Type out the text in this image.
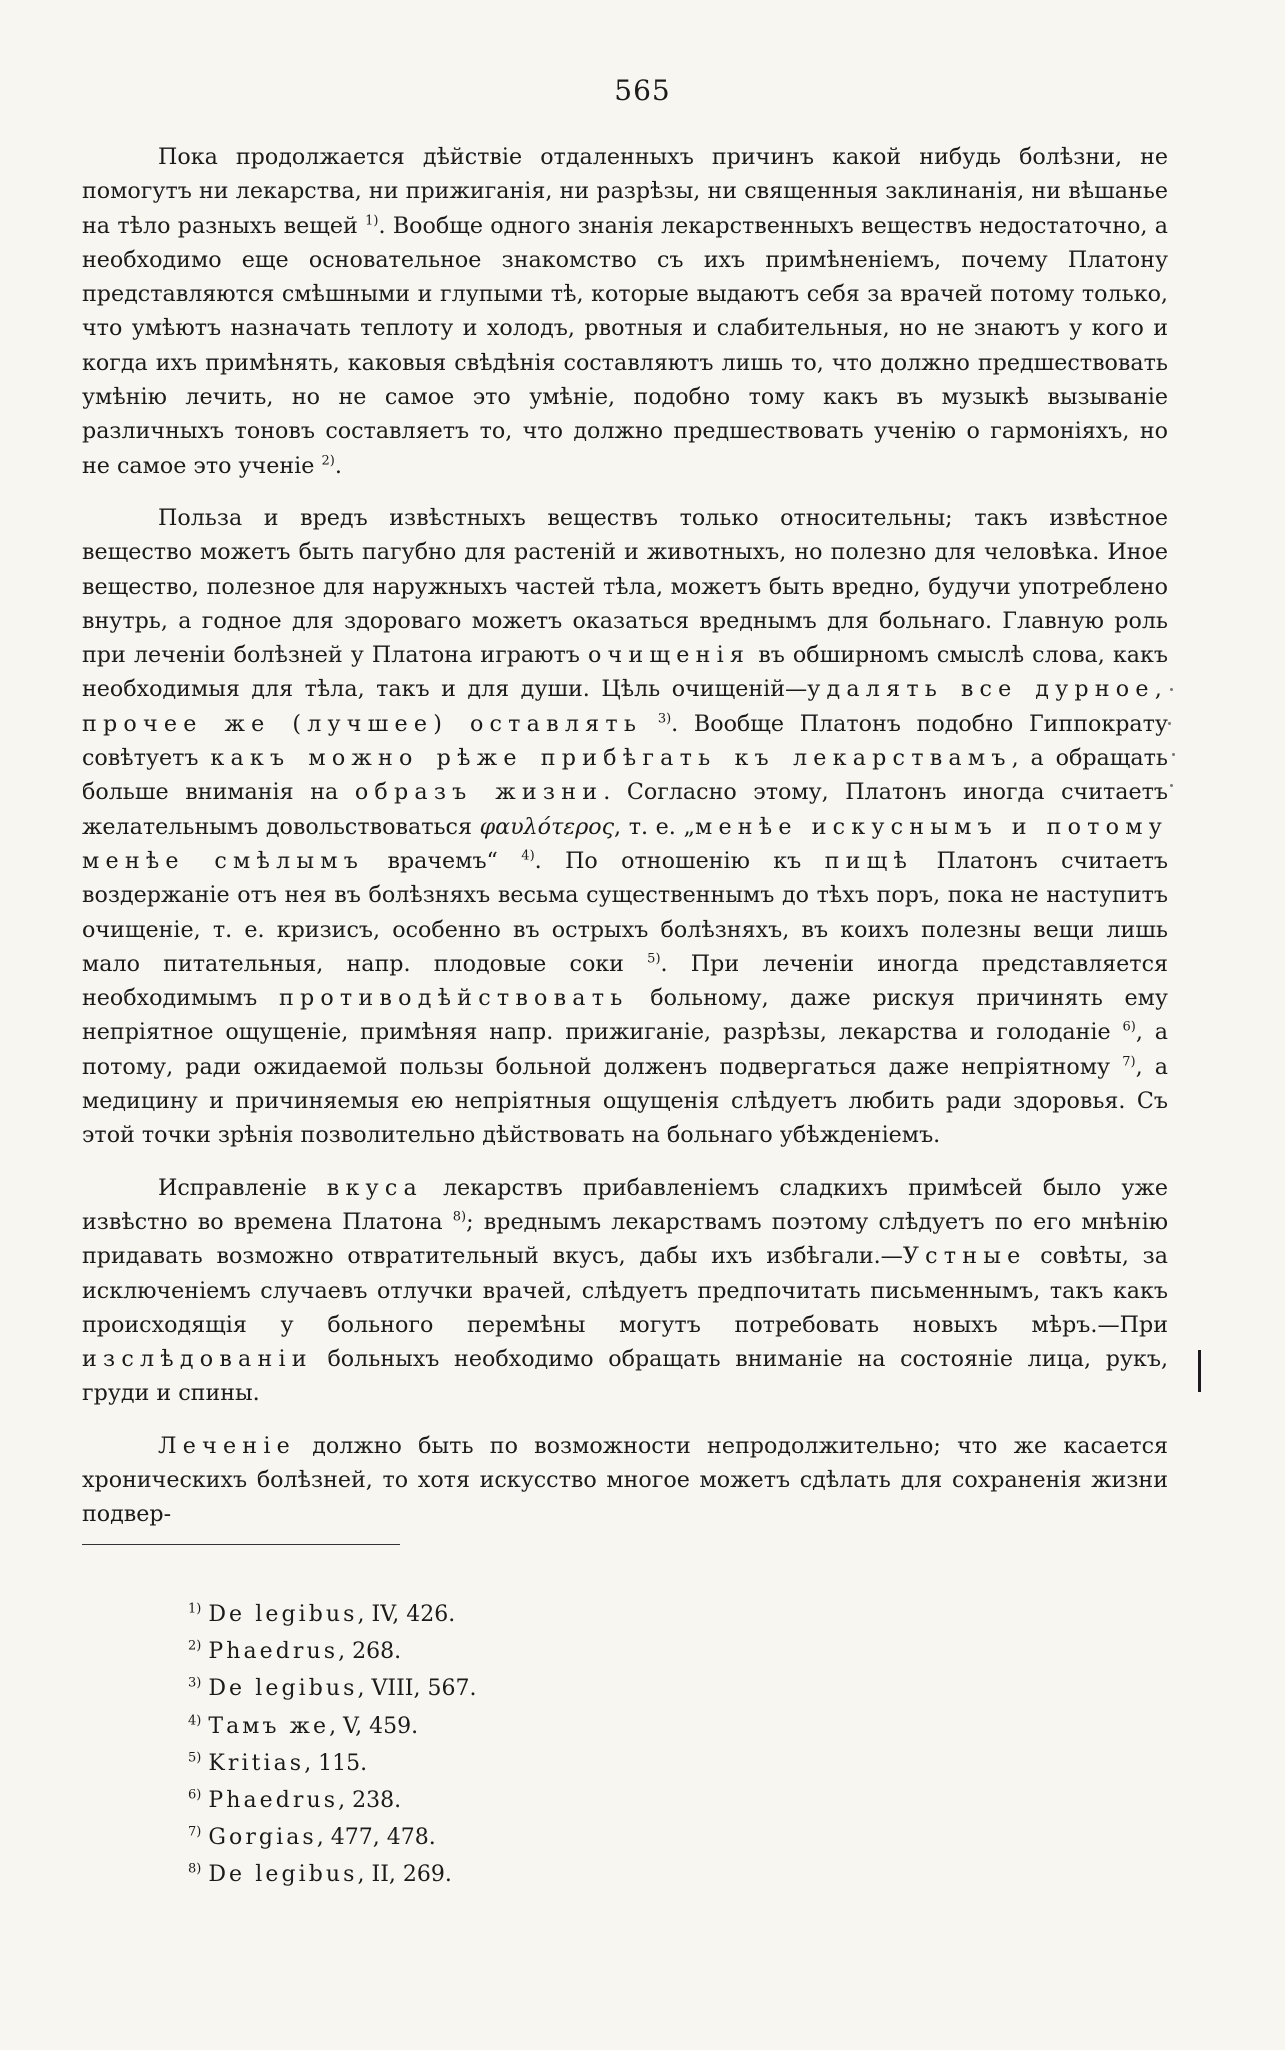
565

Пока продолжается дѣйствіе отдаленныхъ причинъ какой нибудь болѣзни, не помогутъ ни лекарства, ни прижиганія, ни разрѣзы, ни священныя заклинанія, ни вѣшанье на тѣло разныхъ вещей $^{1)}$. Вообще одного знанія лекарственныхъ веществъ недостаточно, а необходимо еще основательное знакомство съ ихъ примѣненіемъ, почему Платону представляются смѣшными и глупыми тѣ, которые выдаютъ себя за врачей потому только, что умѣютъ назначать теплоту и холодъ, рвотныя и слабительныя, но не знаютъ у кого и когда ихъ примѣнять, каковыя свѣдѣнія составляютъ лишь то, что должно предшествовать умѣнію лечить, но не самое это умѣніе, подобно тому какъ въ музыкѣ вызываніе различныхъ тоновъ составляетъ то, что должно предшествовать ученію о гармоніяхъ, но не самое это ученіе $^{2)}$.

Польза и вредъ извѣстныхъ веществъ только относительны; такъ извѣстное вещество можетъ быть пагубно для растеній и животныхъ, но полезно для человѣка. Иное вещество, полезное для наружныхъ частей тѣла, можетъ быть вредно, будучи употреблено внутрь, а годное для здороваго можетъ оказаться вреднымъ для больнаго. Главную роль при леченіи болѣзней у Платона играютъ очищенія въ обширномъ смыслѣ слова, какъ необходимыя для тѣла, такъ и для души. Цѣль очищеній—удалять все дурное, прочее же (лучшее) оставлять $^{3)}$. Вообще Платонъ подобно Гиппократу совѣтуетъ какъ можно рѣже прибѣгать къ лекарствамъ, а обращать больше вниманія на образъ жизни. Согласно этому, Платонъ иногда считаетъ желательнымъ довольствоваться φαυλότερος, т. е. „менѣе искуснымъ и потому менѣе смѣлымъ врачемъ“ $^{4)}$. По отношенію къ пищѣ Платонъ считаетъ воздержаніе отъ нея въ болѣзняхъ весьма существеннымъ до тѣхъ поръ, пока не наступитъ очищеніе, т. е. кризисъ, особенно въ острыхъ болѣзняхъ, въ коихъ полезны вещи лишь мало питательныя, напр. плодовые соки $^{5)}$. При леченіи иногда представляется необходимымъ противодѣйствовать больному, даже рискуя причинять ему непріятное ощущеніе, примѣняя напр. прижиганіе, разрѣзы, лекарства и голоданіе $^{6)}$, а потому, ради ожидаемой пользы больной долженъ подвергаться даже непріятному $^{7)}$, а медицину и причиняемыя ею непріятныя ощущенія слѣдуетъ любить ради здоровья. Съ этой точки зрѣнія позволительно дѣйствовать на больнаго убѣжденіемъ.

Исправленіе вкуса лекарствъ прибавленіемъ сладкихъ примѣсей было уже извѣстно во времена Платона $^{8)}$; вреднымъ лекарствамъ поэтому слѣдуетъ по его мнѣнію придавать возможно отвратительный вкусъ, дабы ихъ избѣгали.—Устные совѣты, за исключеніемъ случаевъ отлучки врачей, слѣдуетъ предпочитать письменнымъ, такъ какъ происходящія у больного перемѣны могутъ потребовать новыхъ мѣръ.—При изслѣдованіи больныхъ необходимо обращать вниманіе на состояніе лица, рукъ, груди и спины.

Леченіе должно быть по возможности непродолжительно; что же касается хроническихъ болѣзней, то хотя искусство многое можетъ сдѣлать для сохраненія жизни подвер-

$^{1)}$ De legibus, IV, 426.
$^{2)}$ Phaedrus, 268.
$^{3)}$ De legibus, VIII, 567.
$^{4)}$ Тамъ же, V, 459.
$^{5)}$ Kritias, 115.
$^{6)}$ Phaedrus, 238.
$^{7)}$ Gorgias, 477, 478.
$^{8)}$ De legibus, II, 269.
